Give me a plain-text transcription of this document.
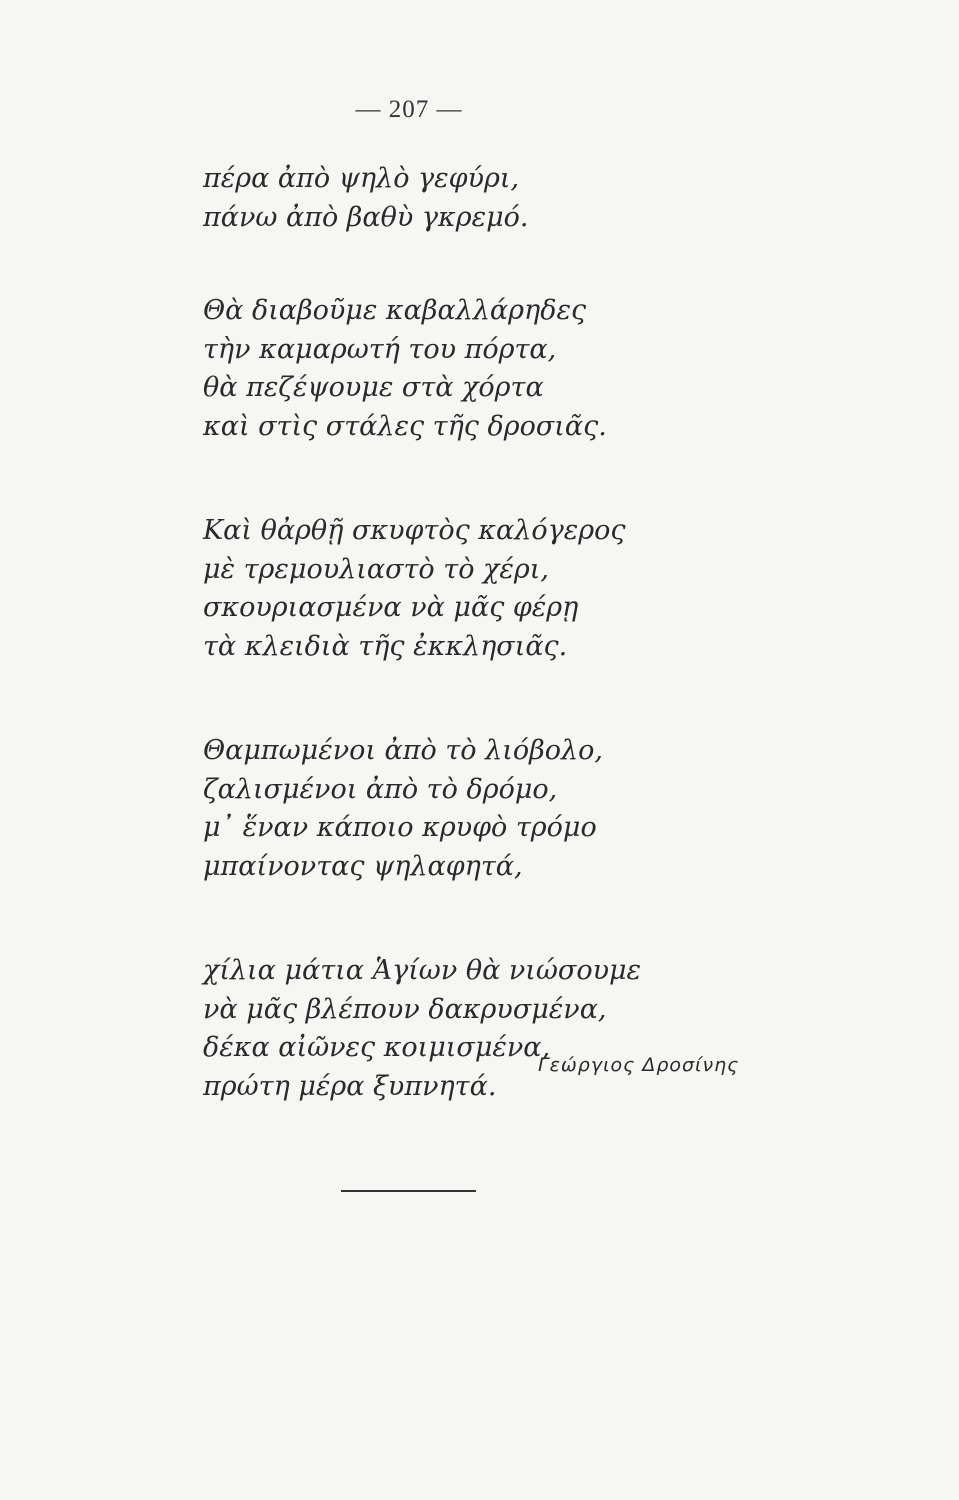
— 207 —
πέρα ἀπὸ ψηλὸ γεφύρι,
πάνω ἀπὸ βαθὺ γκρεμό.
Θὰ διαβοῦμε καβαλλάρηδες
τὴν καμαρωτή του πόρτα,
θὰ πεζέψουμε στὰ χόρτα
καὶ στὶς στάλες τῆς δροσιᾶς.
Καὶ θἀρθῇ σκυφτὸς καλόγερος
μὲ τρεμουλιαστὸ τὸ χέρι,
σκουριασμένα νὰ μᾶς φέρῃ
τὰ κλειδιὰ τῆς ἐκκλησιᾶς.
Θαμπωμένοι ἀπὸ τὸ λιόβολο,
ζαλισμένοι ἀπὸ τὸ δρόμο,
μ᾽ ἕναν κάποιο κρυφὸ τρόμο
μπαίνοντας ψηλαφητά,
χίλια μάτια Ἁγίων θὰ νιώσουμε
νὰ μᾶς βλέπουν δακρυσμένα,
δέκα αἰῶνες κοιμισμένα,
πρώτη μέρα ξυπνητά.
Γεώργιος Δροσίνης
